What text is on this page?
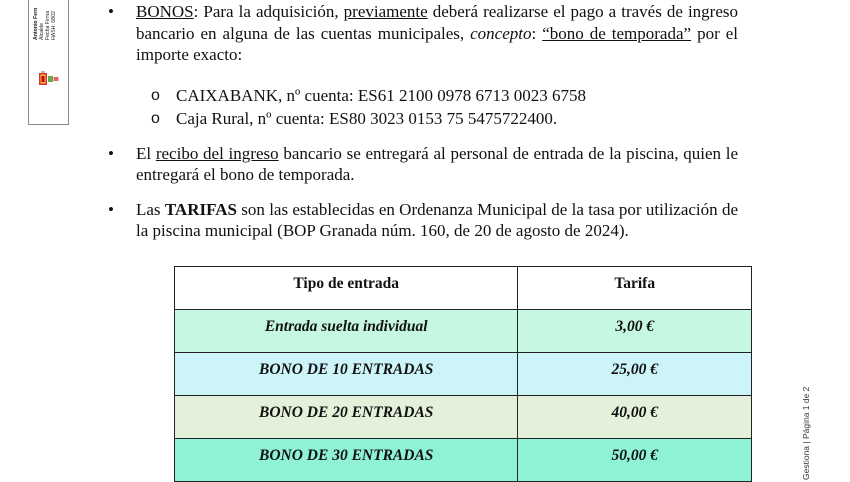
Antonio Fern Alcalde Fecha Firma HASH: 6802
Gestiona | Página 1 de 2
• BONOS: Para la adquisición, previamente deberá realizarse el pago a través de ingreso bancario en alguna de las cuentas municipales, concepto: “bono de temporada” por el importe exacto:
o CAIXABANK, nº cuenta: ES61 2100 0978 6713 0023 6758
o Caja Rural, nº cuenta: ES80 3023 0153 75 5475722400.
• El recibo del ingreso bancario se entregará al personal de entrada de la piscina, quien le entregará el bono de temporada.
• Las TARIFAS son las establecidas en Ordenanza Municipal de la tasa por utilización de la piscina municipal (BOP Granada núm. 160, de 20 de agosto de 2024).
Tipo de entrada	Tarifa
Entrada suelta individual	3,00 €
BONO DE 10 ENTRADAS	25,00 €
BONO DE 20 ENTRADAS	40,00 €
BONO DE 30 ENTRADAS	50,00 €
